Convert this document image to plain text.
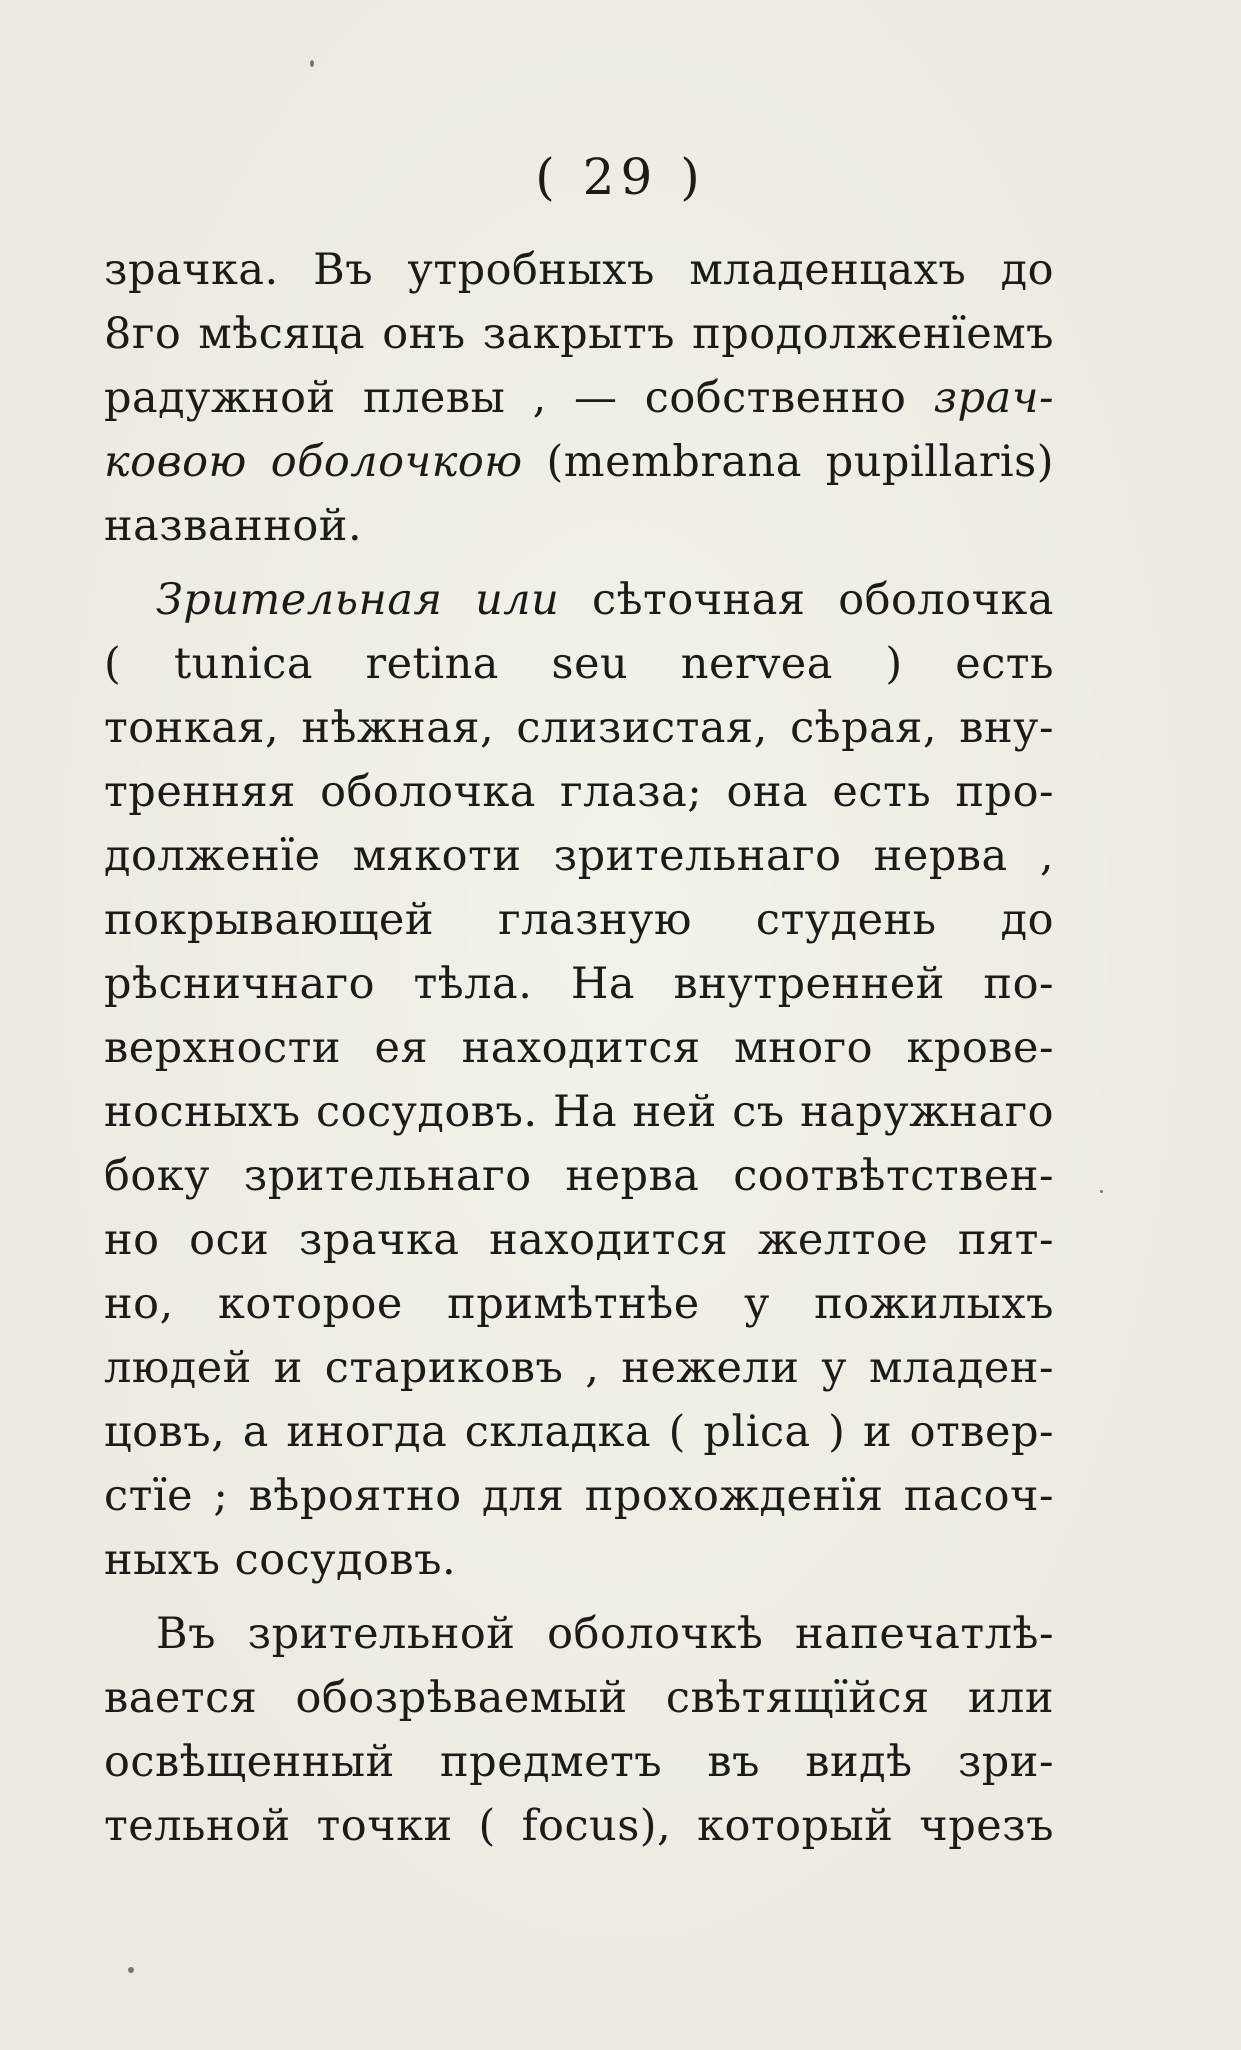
( 29 )
зрачка. Въ утробныхъ младенцахъ до
8го мѣсяца онъ закрытъ продолженїемъ
радужной плевы , — собственно зрач-
ковою оболочкою (membrana pupillaris)
названной.
Зрительная или сѣточная оболочка
( tunica retina seu nervea ) есть
тонкая, нѣжная, слизистая, сѣрая, вну-
тренняя оболочка глаза; она есть про-
долженїе мякоти зрительнаго нерва ,
покрывающей глазную студень до
рѣсничнаго тѣла. На внутренней по-
верхности ея находится много крове-
носныхъ сосудовъ. На ней съ наружнаго
боку зрительнаго нерва соотвѣтствен-
но оси зрачка находится желтое пят-
но, которое примѣтнѣе у пожилыхъ
людей и стариковъ , нежели у младен-
цовъ, а иногда складка ( plica ) и отвер-
стїе ; вѣроятно для прохожденїя пасоч-
ныхъ сосудовъ.
Въ зрительной оболочкѣ напечатлѣ-
вается обозрѣваемый свѣтящїйся или
освѣщенный предметъ въ видѣ зри-
тельной точки ( focus), который чрезъ
